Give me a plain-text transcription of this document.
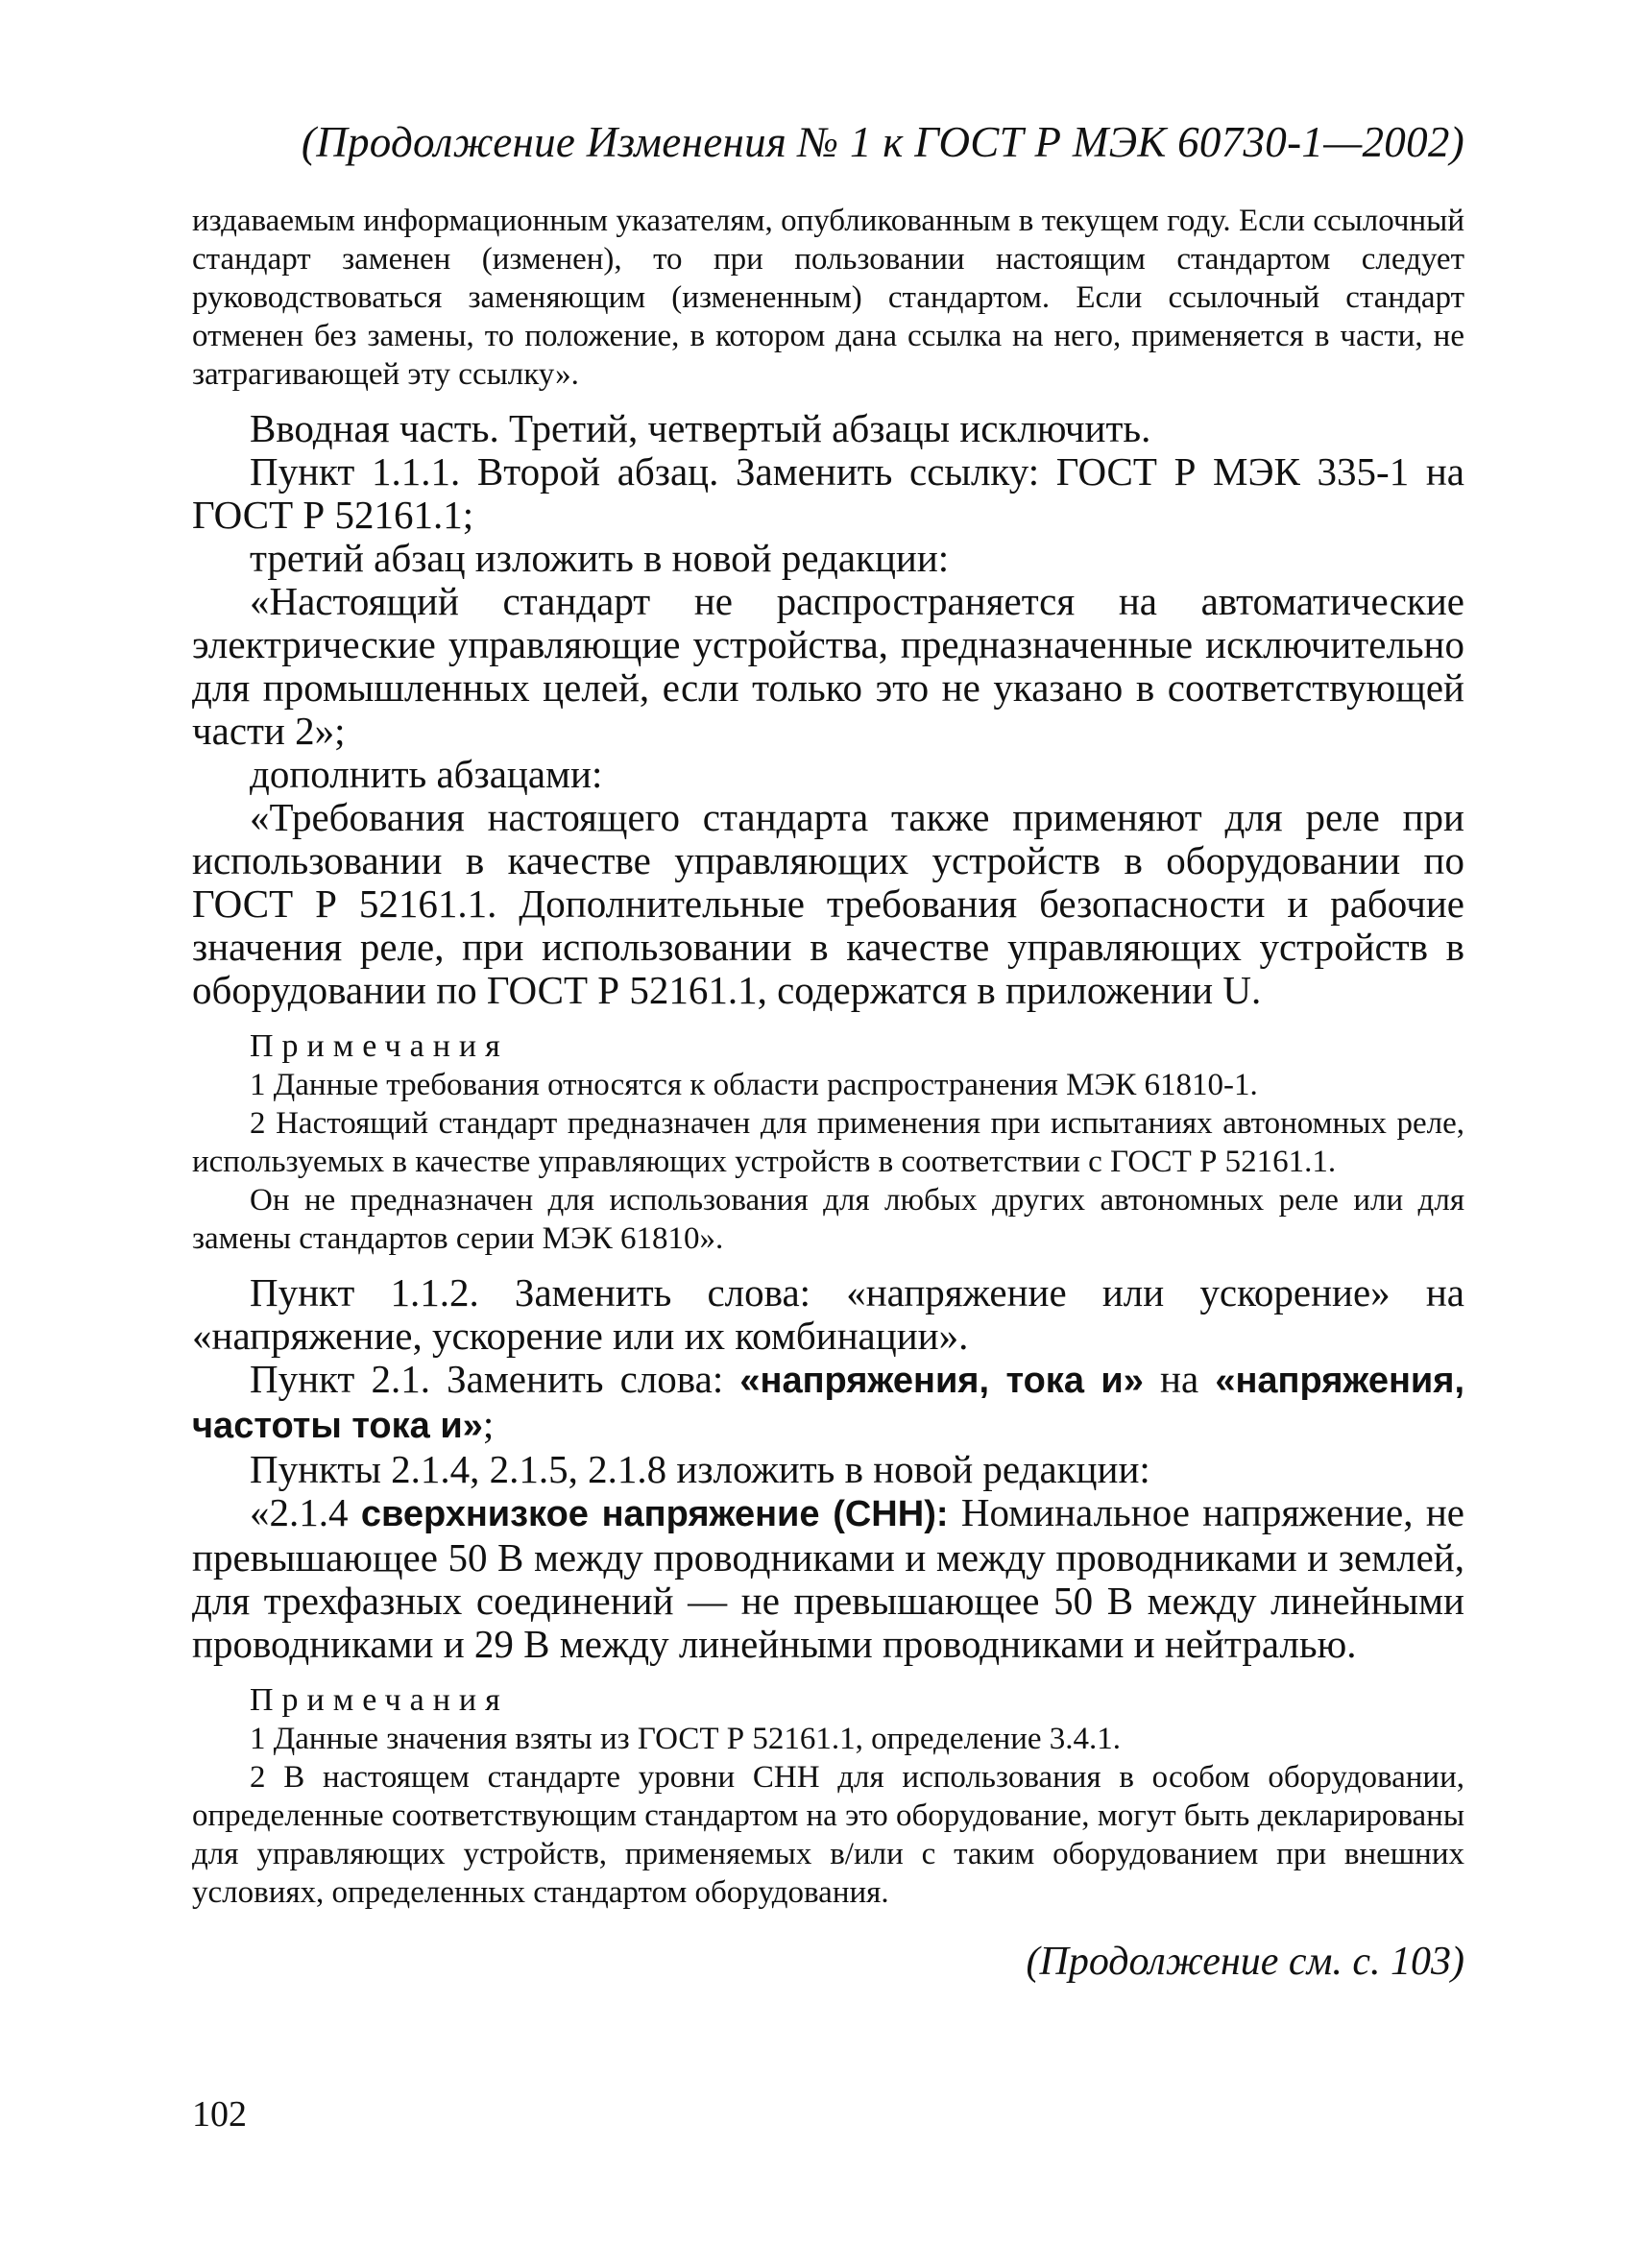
(Продолжение Изменения № 1 к ГОСТ Р МЭК 60730-1—2002)

издаваемым информационным указателям, опубликованным в текущем году. Если ссылочный стандарт заменен (изменен), то при пользовании настоящим стандартом следует руководствоваться заменяющим (измененным) стандартом. Если ссылочный стандарт отменен без замены, то положение, в котором дана ссылка на него, применяется в части, не затрагивающей эту ссылку».

Вводная часть. Третий, четвертый абзацы исключить.

Пункт 1.1.1. Второй абзац. Заменить ссылку: ГОСТ Р МЭК 335-1 на ГОСТ Р 52161.1;

третий абзац изложить в новой редакции:

«Настоящий стандарт не распространяется на автоматические электрические управляющие устройства, предназначенные исключительно для промышленных целей, если только это не указано в соответствующей части 2»;

дополнить абзацами:

«Требования настоящего стандарта также применяют для реле при использовании в качестве управляющих устройств в оборудовании по ГОСТ Р 52161.1. Дополнительные требования безопасности и рабочие значения реле, при использовании в качестве управляющих устройств в оборудовании по ГОСТ Р 52161.1, содержатся в приложении U.

Примечания

1 Данные требования относятся к области распространения МЭК 61810-1.

2 Настоящий стандарт предназначен для применения при испытаниях автономных реле, используемых в качестве управляющих устройств в соответствии с ГОСТ Р 52161.1.

Он не предназначен для использования для любых других автономных реле или для замены стандартов серии МЭК 61810».

Пункт 1.1.2. Заменить слова: «напряжение или ускорение» на «напряжение, ускорение или их комбинации».

Пункт 2.1. Заменить слова: «напряжения, тока и» на «напряжения, частоты тока и»;

Пункты 2.1.4, 2.1.5, 2.1.8 изложить в новой редакции:

«2.1.4 сверхнизкое напряжение (СНН): Номинальное напряжение, не превышающее 50 В между проводниками и между проводниками и землей, для трехфазных соединений — не превышающее 50 В между линейными проводниками и 29 В между линейными проводниками и нейтралью.

Примечания

1 Данные значения взяты из ГОСТ Р 52161.1, определение 3.4.1.

2 В настоящем стандарте уровни СНН для использования в особом оборудовании, определенные соответствующим стандартом на это оборудование, могут быть декларированы для управляющих устройств, применяемых в/или с таким оборудованием при внешних условиях, определенных стандартом оборудования.

(Продолжение см. с. 103)
102
